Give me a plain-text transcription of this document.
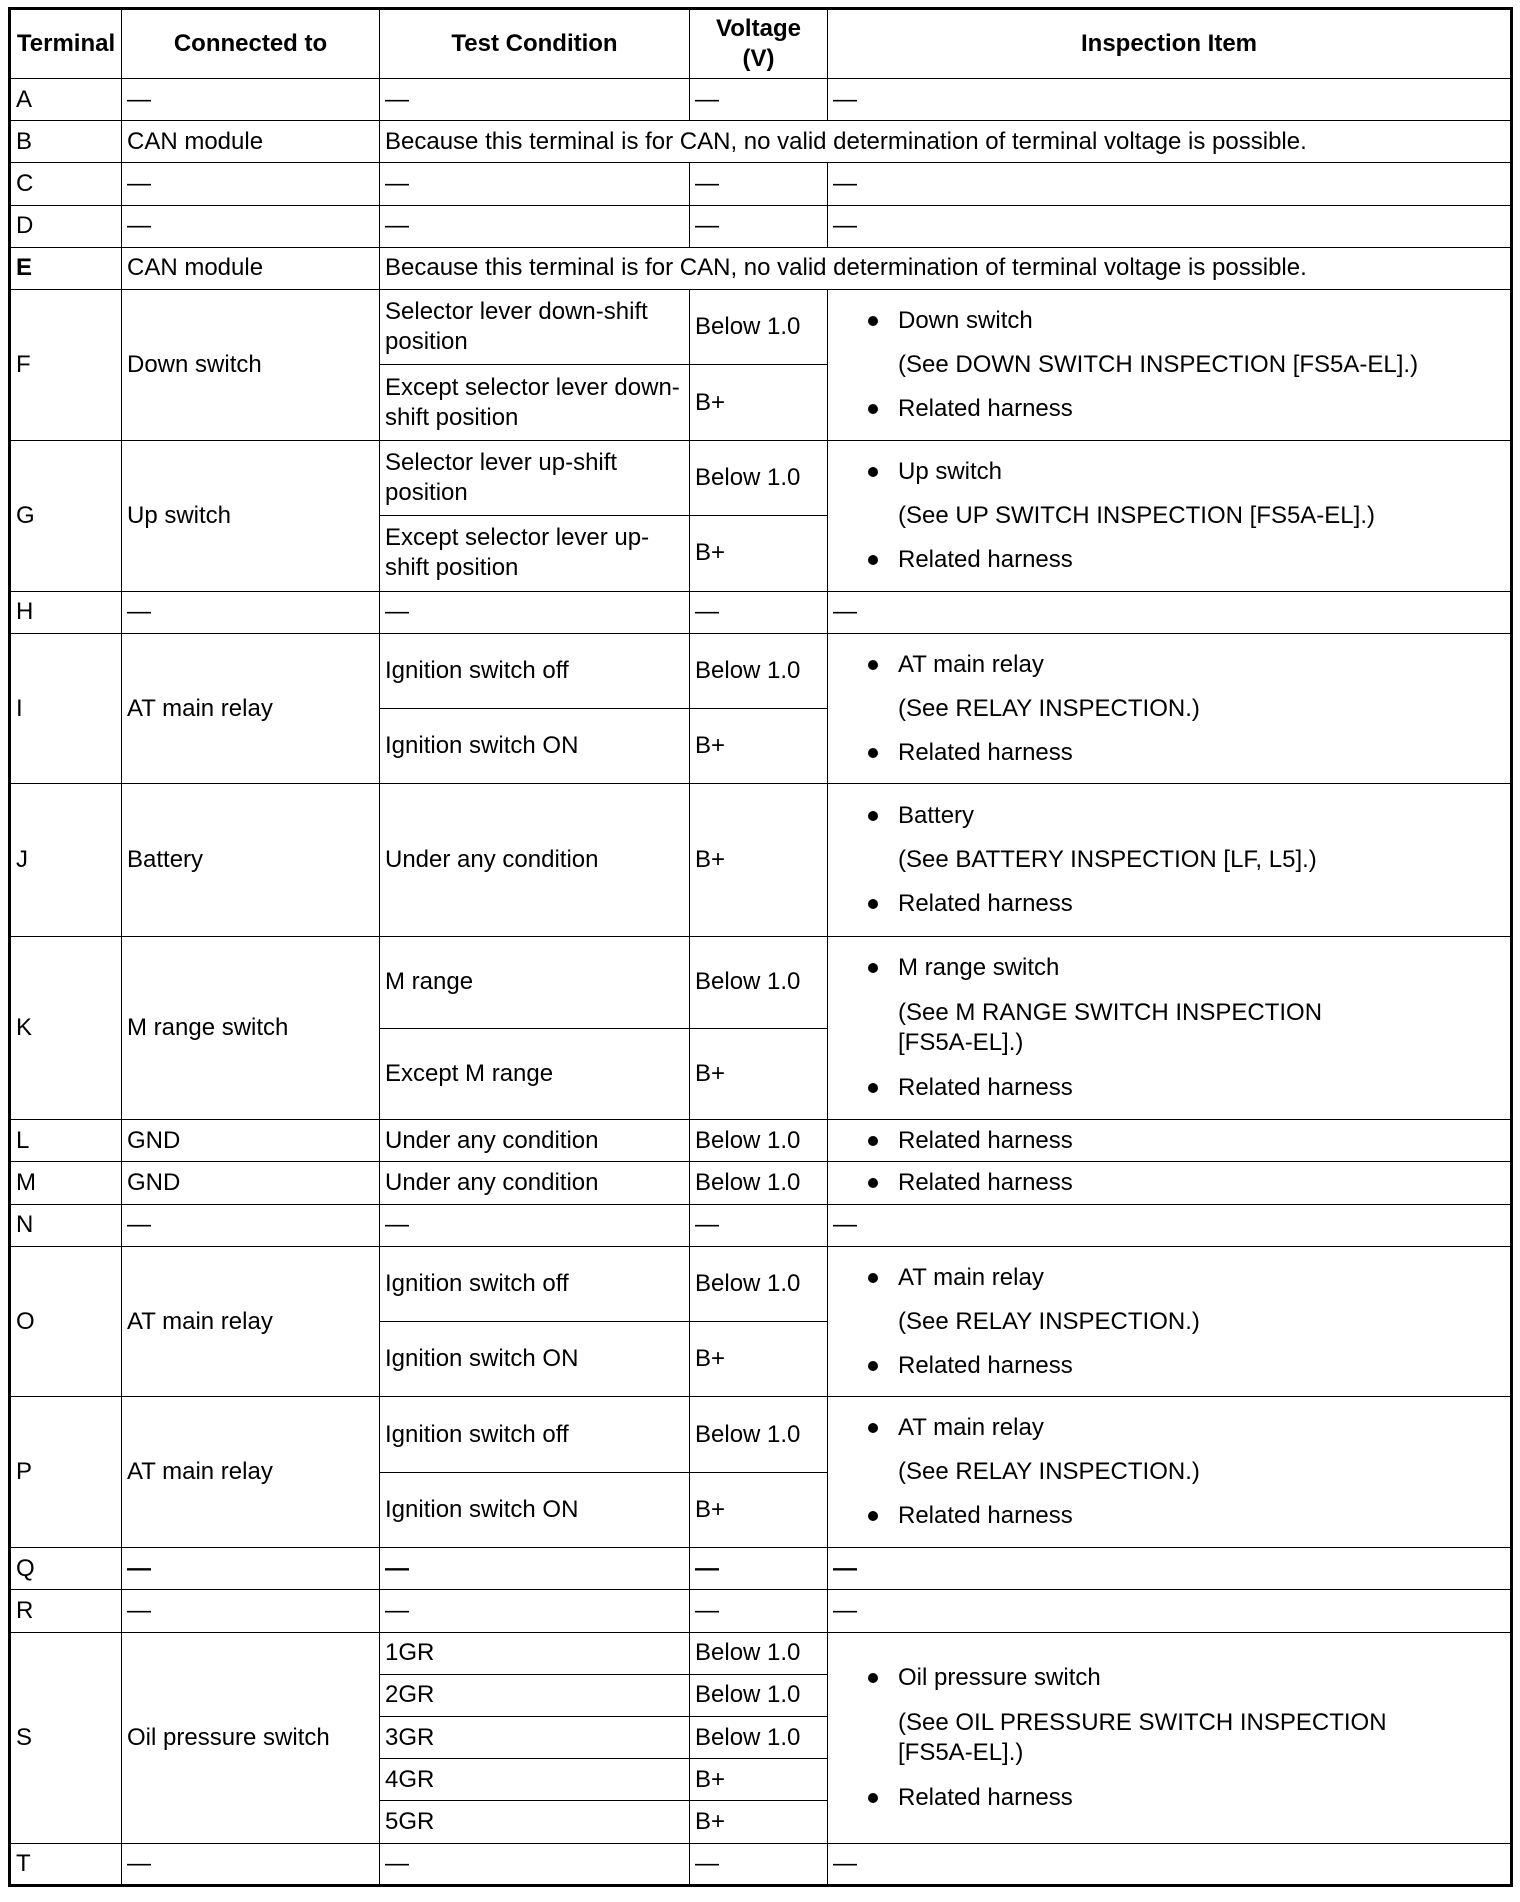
Terminal	Connected to	Test Condition	Voltage (V)	Inspection Item
A	—	—	—	—
B	CAN module	Because this terminal is for CAN, no valid determination of terminal voltage is possible.		
C	—	—	—	—
D	—	—	—	—
E	CAN module	Because this terminal is for CAN, no valid determination of terminal voltage is possible.		
F	Down switch	Selector lever down-shift position	Below 1.0	Down switch
(See DOWN SWITCH INSPECTION [FS5A-EL].)
Related harness

		Except selector lever down-shift position	B+	
G	Up switch	Selector lever up-shift position	Below 1.0	Up switch
(See UP SWITCH INSPECTION [FS5A-EL].)
Related harness

		Except selector lever up-shift position	B+	
H	—	—	—	—
I	AT main relay	Ignition switch off	Below 1.0	AT main relay
(See RELAY INSPECTION.)
Related harness

		Ignition switch ON	B+	
J	Battery	Under any condition	B+	Battery
(See BATTERY INSPECTION [LF, L5].)
Related harness

K	M range switch	M range	Below 1.0	M range switch
(See M RANGE SWITCH INSPECTION [FS5A-EL].)
Related harness

		Except M range	B+	
L	GND	Under any condition	Below 1.0	Related harness

M	GND	Under any condition	Below 1.0	Related harness

N	—	—	—	—
O	AT main relay	Ignition switch off	Below 1.0	AT main relay
(See RELAY INSPECTION.)
Related harness

		Ignition switch ON	B+	
P	AT main relay	Ignition switch off	Below 1.0	AT main relay
(See RELAY INSPECTION.)
Related harness

		Ignition switch ON	B+	
Q	—	—	—	—
R	—	—	—	—
S	Oil pressure switch	1GR	Below 1.0	Oil pressure switch
(See OIL PRESSURE SWITCH INSPECTION [FS5A-EL].)
Related harness

		2GR	Below 1.0	
		3GR	Below 1.0	
		4GR	B+	
		5GR	B+	
T	—	—	—	—
